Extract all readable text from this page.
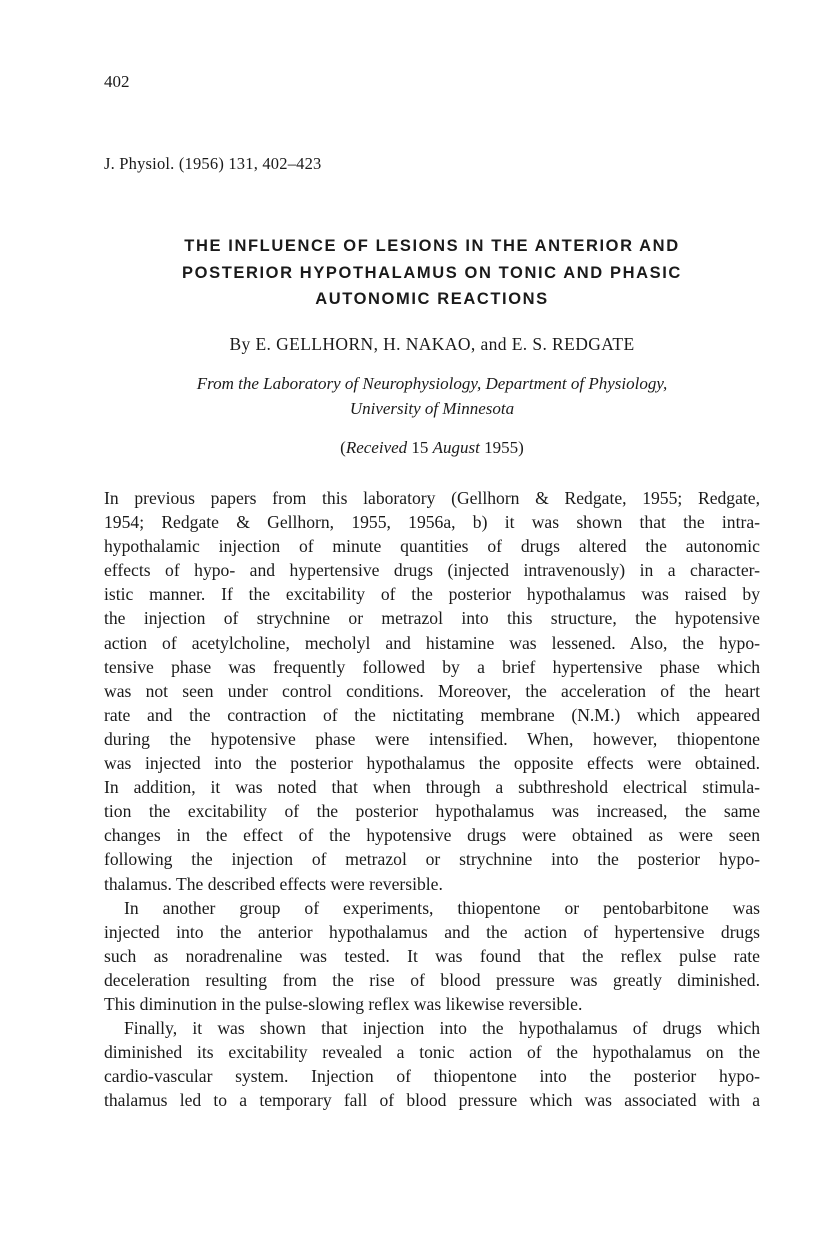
402
J. Physiol. (1956) 131, 402–423
THE INFLUENCE OF LESIONS IN THE ANTERIOR AND
POSTERIOR HYPOTHALAMUS ON TONIC AND PHASIC
AUTONOMIC REACTIONS
By E. GELLHORN, H. NAKAO, and E. S. REDGATE
From the Laboratory of Neurophysiology, Department of Physiology,
University of Minnesota
(Received 15 August 1955)
In previous papers from this laboratory (Gellhorn & Redgate, 1955; Redgate,
1954; Redgate & Gellhorn, 1955, 1956a, b) it was shown that the intra-
hypothalamic injection of minute quantities of drugs altered the autonomic
effects of hypo- and hypertensive drugs (injected intravenously) in a character-
istic manner. If the excitability of the posterior hypothalamus was raised by
the injection of strychnine or metrazol into this structure, the hypotensive
action of acetylcholine, mecholyl and histamine was lessened. Also, the hypo-
tensive phase was frequently followed by a brief hypertensive phase which
was not seen under control conditions. Moreover, the acceleration of the heart
rate and the contraction of the nictitating membrane (N.M.) which appeared
during the hypotensive phase were intensified. When, however, thiopentone
was injected into the posterior hypothalamus the opposite effects were obtained.
In addition, it was noted that when through a subthreshold electrical stimula-
tion the excitability of the posterior hypothalamus was increased, the same
changes in the effect of the hypotensive drugs were obtained as were seen
following the injection of metrazol or strychnine into the posterior hypo-
thalamus. The described effects were reversible.
In another group of experiments, thiopentone or pentobarbitone was
injected into the anterior hypothalamus and the action of hypertensive drugs
such as noradrenaline was tested. It was found that the reflex pulse rate
deceleration resulting from the rise of blood pressure was greatly diminished.
This diminution in the pulse-slowing reflex was likewise reversible.
Finally, it was shown that injection into the hypothalamus of drugs which
diminished its excitability revealed a tonic action of the hypothalamus on the
cardio-vascular system. Injection of thiopentone into the posterior hypo-
thalamus led to a temporary fall of blood pressure which was associated with a
